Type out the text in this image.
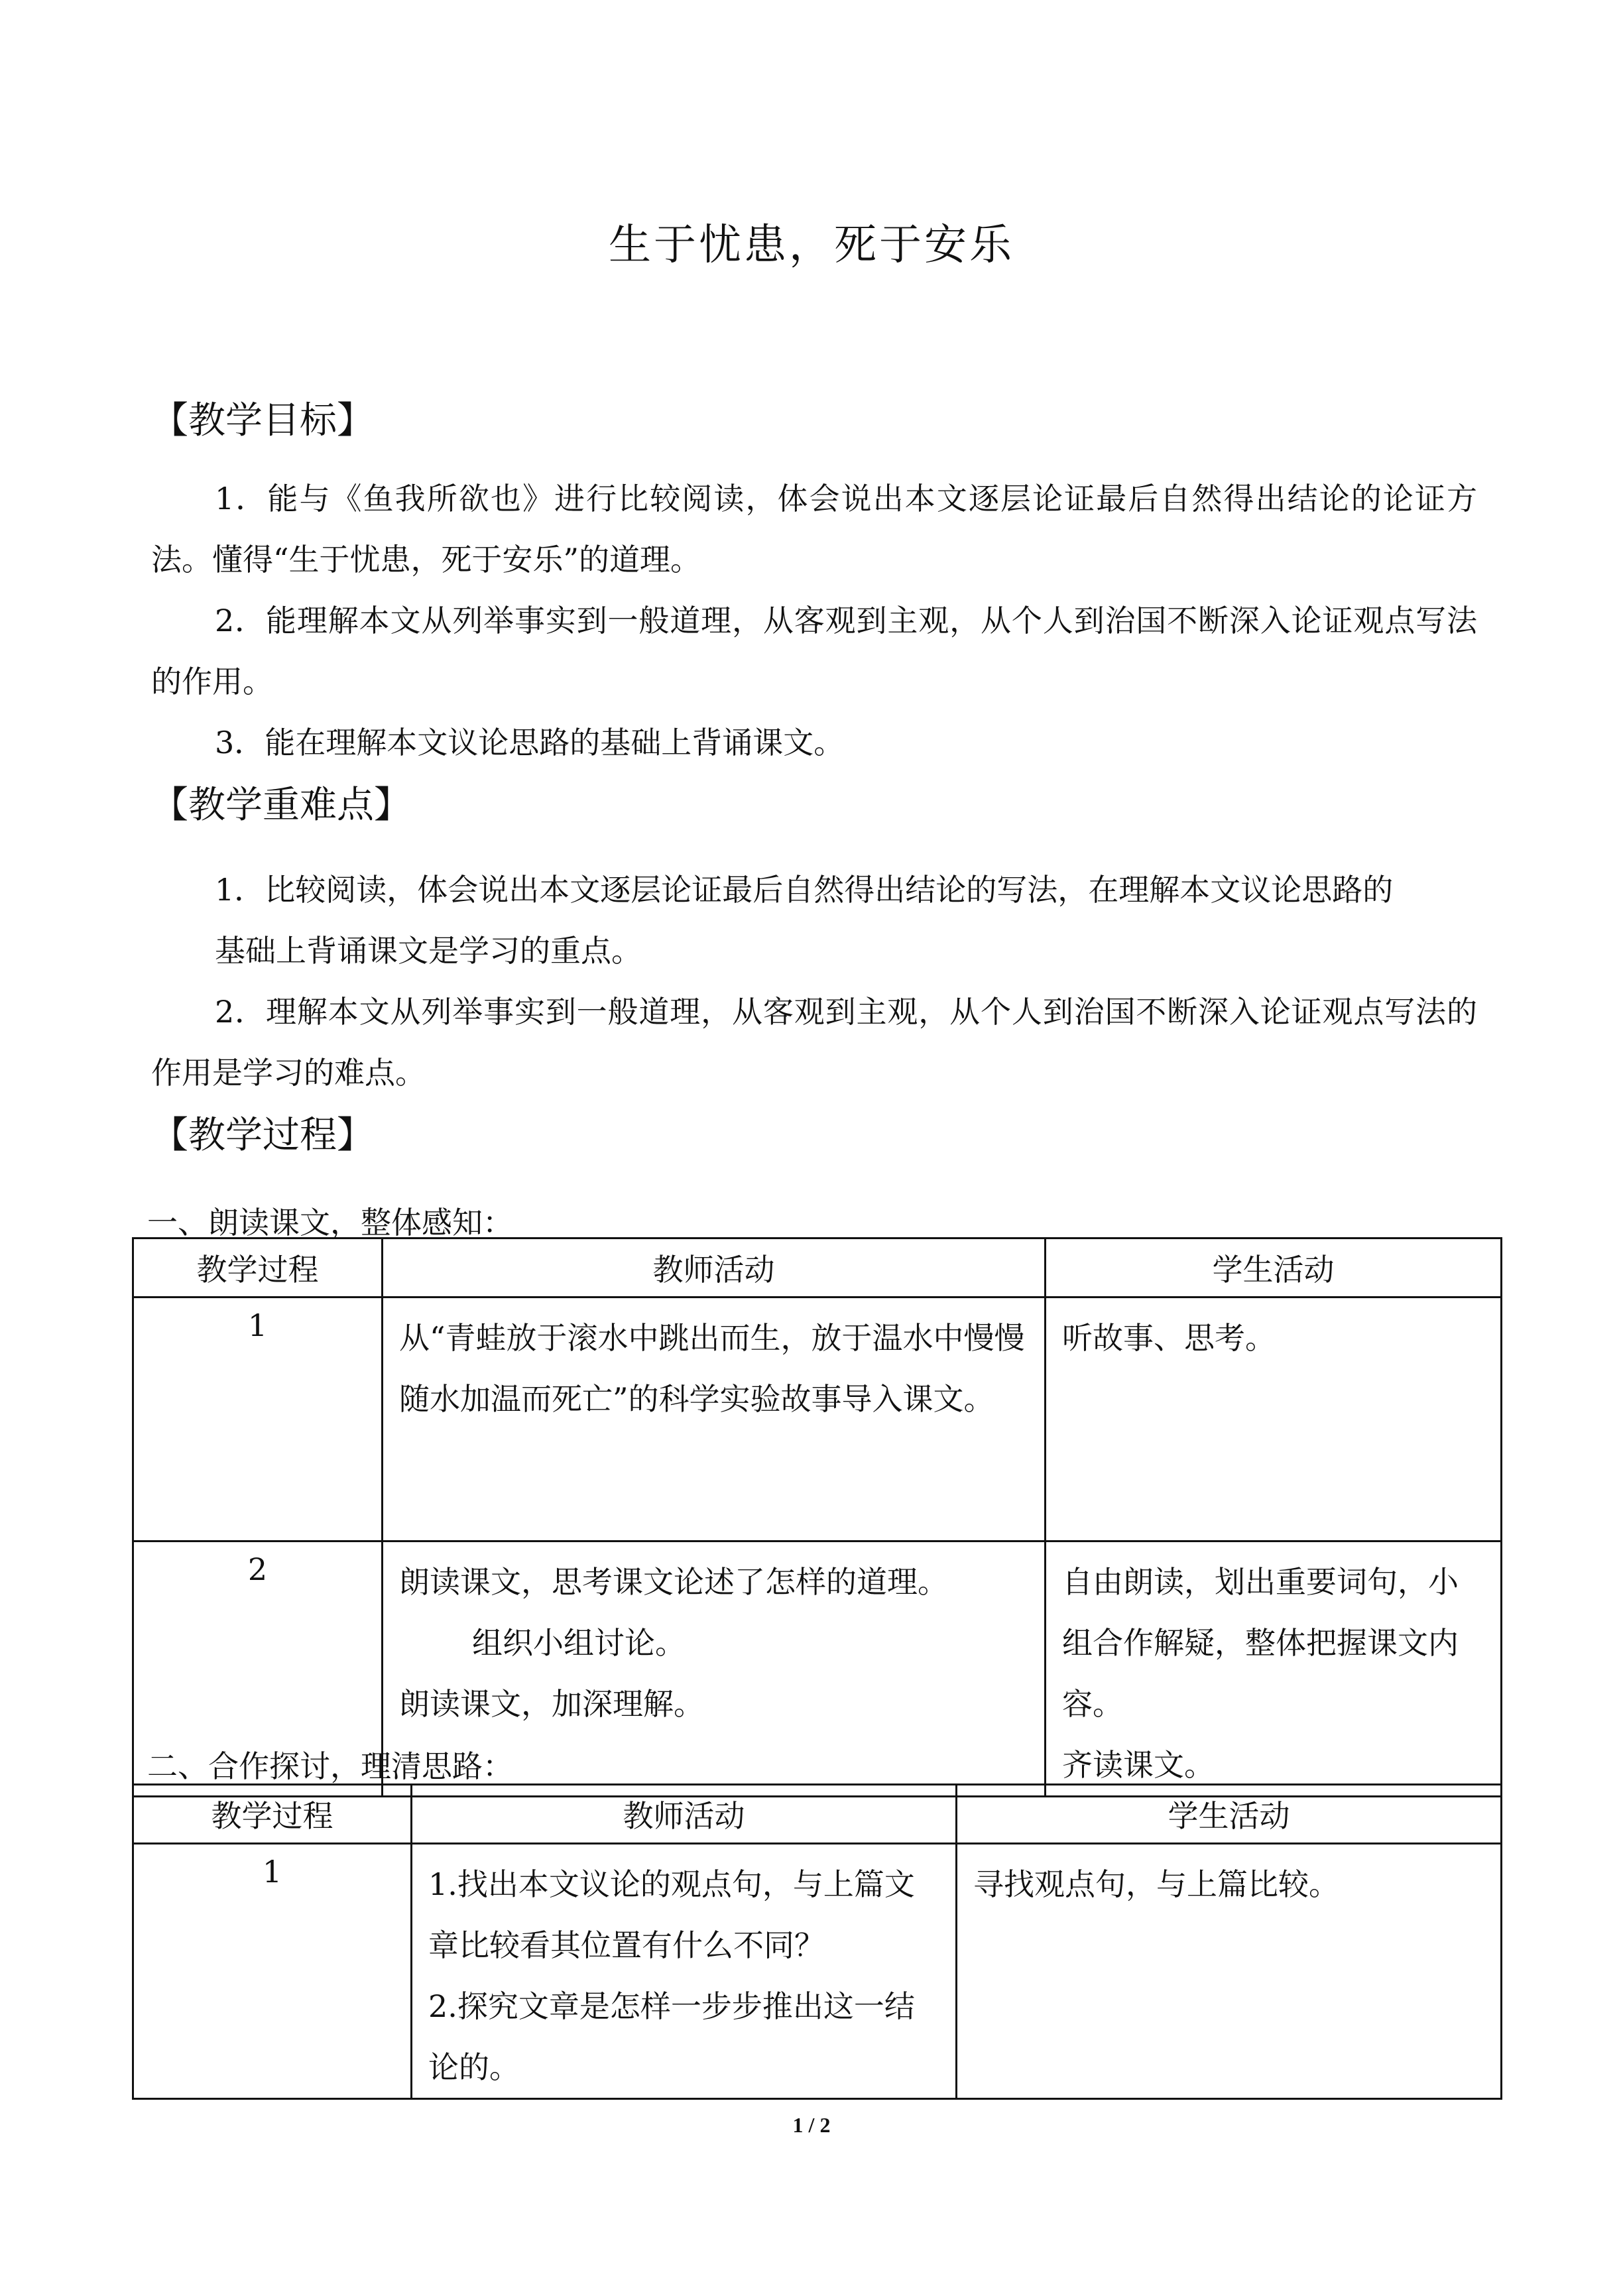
生于忧患，死于安乐
【教学目标】
1．能与《鱼我所欲也》进行比较阅读，体会说出本文逐层论证最后自然得出结论的论证方法。懂得“生于忧患，死于安乐”的道理。
2．能理解本文从列举事实到一般道理，从客观到主观，从个人到治国不断深入论证观点写法的作用。
3．能在理解本文议论思路的基础上背诵课文。
【教学重难点】
1．比较阅读，体会说出本文逐层论证最后自然得出结论的写法，在理解本文议论思路的
基础上背诵课文是学习的重点。
2．理解本文从列举事实到一般道理，从客观到主观，从个人到治国不断深入论证观点写法的作用是学习的难点。
【教学过程】
一、朗读课文，整体感知：
教学过程	教师活动	学生活动
1	从“青蛙放于滚水中跳出而生，放于温水中慢慢随水加温而死亡”的科学实验故事导入课文。	听故事、思考。

2	朗读课文，思考课文论述了怎样的道理。
组织小组讨论。
朗读课文，加深理解。	自由朗读，划出重要词句，小组合作解疑，整体把握课文内容。
齐读课文。
二、合作探讨，理清思路：
教学过程	教师活动	学生活动
1	1.找出本文议论的观点句，与上篇文章比较看其位置有什么不同？
2.探究文章是怎样一步步推出这一结论的。	寻找观点句，与上篇比较。
1 / 2
